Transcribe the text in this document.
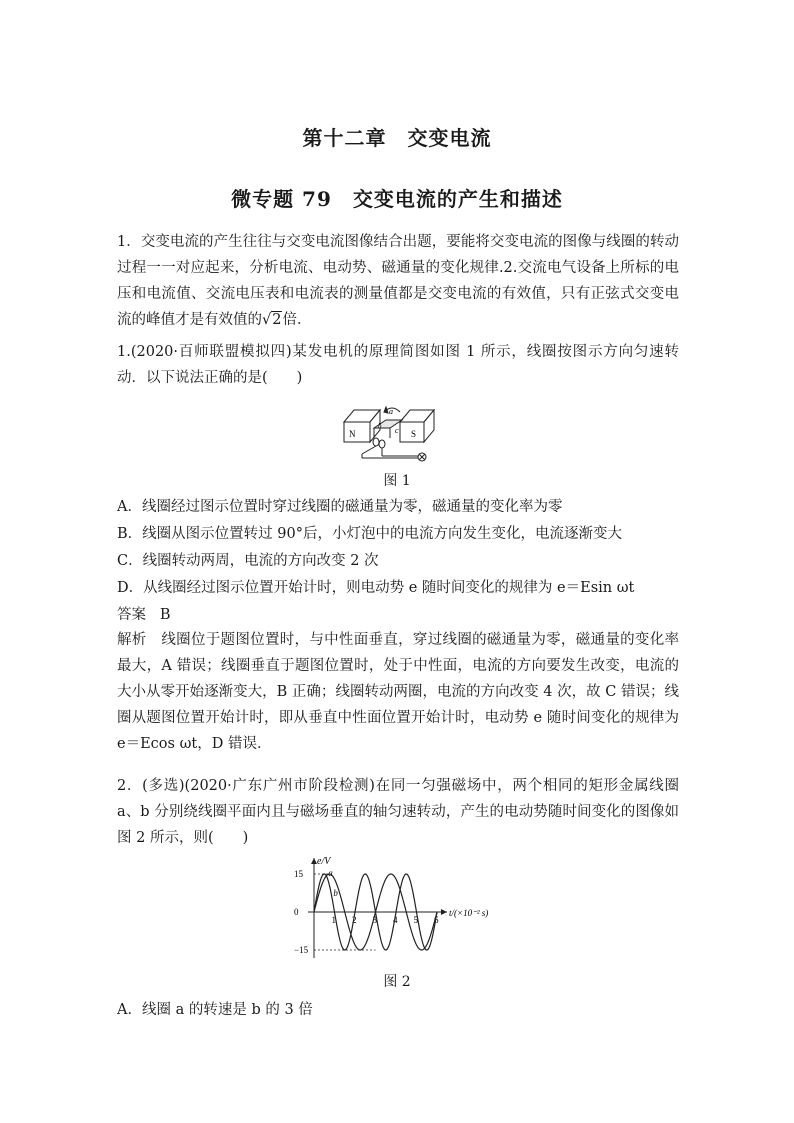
第十二章　交变电流
微专题 79　交变电流的产生和描述

1．交变电流的产生往往与交变电流图像结合出题，要能将交变电流的图像与线圈的转动过程一一对应起来，分析电流、电动势、磁通量的变化规律.2.交流电气设备上所标的电压和电流值、交流电压表和电流表的测量值都是交变电流的有效值，只有正弦式交变电流的峰值才是有效值的√2倍．

1.(2020·百师联盟模拟四)某发电机的原理简图如图 1 所示，线圈按图示方向匀速转动．以下说法正确的是(　　)

N	S
a
b c
图 1
A．线圈经过图示位置时穿过线圈的磁通量为零，磁通量的变化率为零
B．线圈从图示位置转过 90°后，小灯泡中的电流方向发生变化，电流逐渐变大
C．线圈转动两周，电流的方向改变 2 次
D．从线圈经过图示位置开始计时，则电动势 e 随时间变化的规律为 e＝Esin ωt
答案 B

解析 线圈位于题图位置时，与中性面垂直，穿过线圈的磁通量为零，磁通量的变化率最大，A 错误；线圈垂直于题图位置时，处于中性面，电流的方向要发生改变，电流的大小从零开始逐渐变大，B 正确；线圈转动两圈，电流的方向改变 4 次，故 C 错误；线圈从题图位置开始计时，即从垂直中性面位置开始计时，电动势 e 随时间变化的规律为 e＝Ecos ωt，D 错误．

2．(多选)(2020·广东广州市阶段检测)在同一匀强磁场中，两个相同的矩形金属线圈 a、b 分别绕线圈平面内且与磁场垂直的轴匀速转动，产生的电动势随时间变化的图像如图 2 所示，则(　　)

1 2 3 4 5 6
15
0
−15
a
b
e/V
t/(×10⁻² s)
图 2
A．线圈 a 的转速是 b 的 3 倍
